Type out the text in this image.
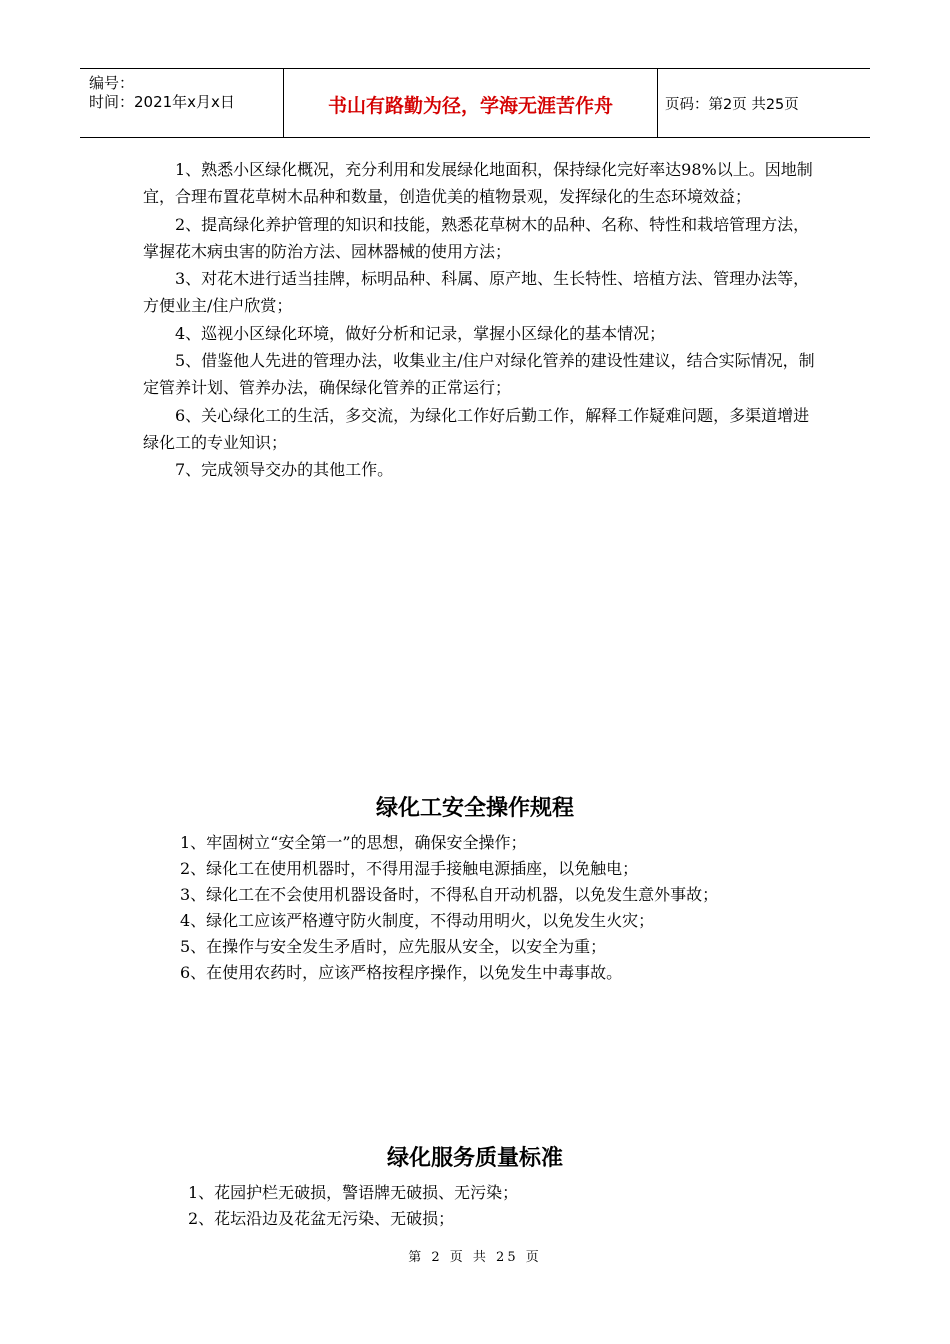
编号：
时间：2021年x月x日	书山有路勤为径，学海无涯苦作舟	页码：第2页 共25页

1、熟悉小区绿化概况，充分利用和发展绿化地面积，保持绿化完好率达98%以上。因地制宜，合理布置花草树木品种和数量，创造优美的植物景观，发挥绿化的生态环境效益；

2、提高绿化养护管理的知识和技能，熟悉花草树木的品种、名称、特性和栽培管理方法，掌握花木病虫害的防治方法、园林器械的使用方法；

3、对花木进行适当挂牌，标明品种、科属、原产地、生长特性、培植方法、管理办法等，方便业主/住户欣赏；

4、巡视小区绿化环境，做好分析和记录，掌握小区绿化的基本情况；

5、借鉴他人先进的管理办法，收集业主/住户对绿化管养的建设性建议，结合实际情况，制定管养计划、管养办法，确保绿化管养的正常运行；

6、关心绿化工的生活，多交流，为绿化工作好后勤工作，解释工作疑难问题，多渠道增进绿化工的专业知识；

7、完成领导交办的其他工作。

绿化工安全操作规程

1、牢固树立“安全第一”的思想，确保安全操作；

2、绿化工在使用机器时，不得用湿手接触电源插座，以免触电；

3、绿化工在不会使用机器设备时，不得私自开动机器，以免发生意外事故；

4、绿化工应该严格遵守防火制度，不得动用明火，以免发生火灾；

5、在操作与安全发生矛盾时，应先服从安全，以安全为重；

6、在使用农药时，应该严格按程序操作，以免发生中毒事故。

绿化服务质量标准

1、花园护栏无破损，警语牌无破损、无污染；

2、花坛沿边及花盆无污染、无破损；

第 2 页 共 25 页
